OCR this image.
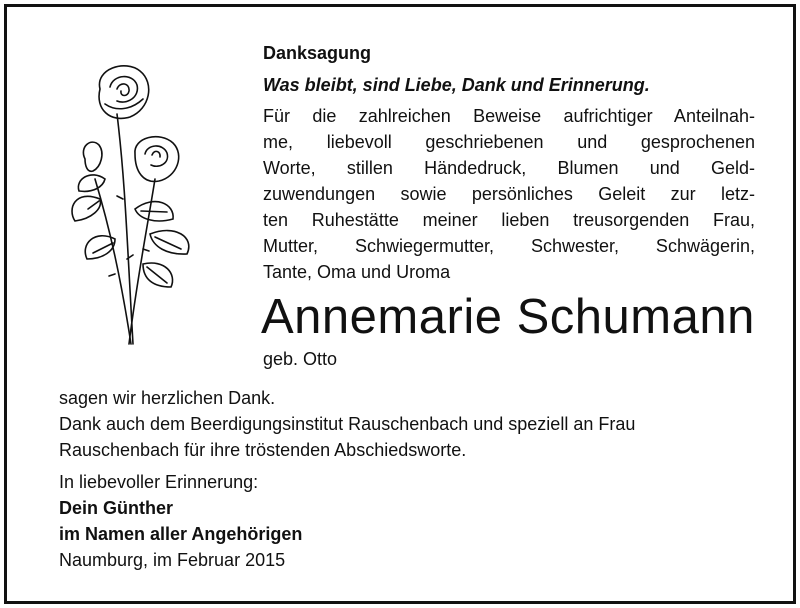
Danksagung
Was bleibt, sind Liebe, Dank und Erinnerung.
Für die zahlreichen Beweise aufrichtiger Anteilnah-
me, liebevoll geschriebenen und gesprochenen
Worte, stillen Händedruck, Blumen und Geld-
zuwendungen sowie persönliches Geleit zur letz-
ten Ruhestätte meiner lieben treusorgenden Frau,
Mutter, Schwiegermutter, Schwester, Schwägerin,
Tante, Oma und Uroma
Annemarie Schumann
geb. Otto
sagen wir herzlichen Dank.
Dank auch dem Beerdigungsinstitut Rauschenbach und speziell an Frau
Rauschenbach für ihre tröstenden Abschiedsworte.
In liebevoller Erinnerung:
Dein Günther
im Namen aller Angehörigen
Naumburg, im Februar 2015
